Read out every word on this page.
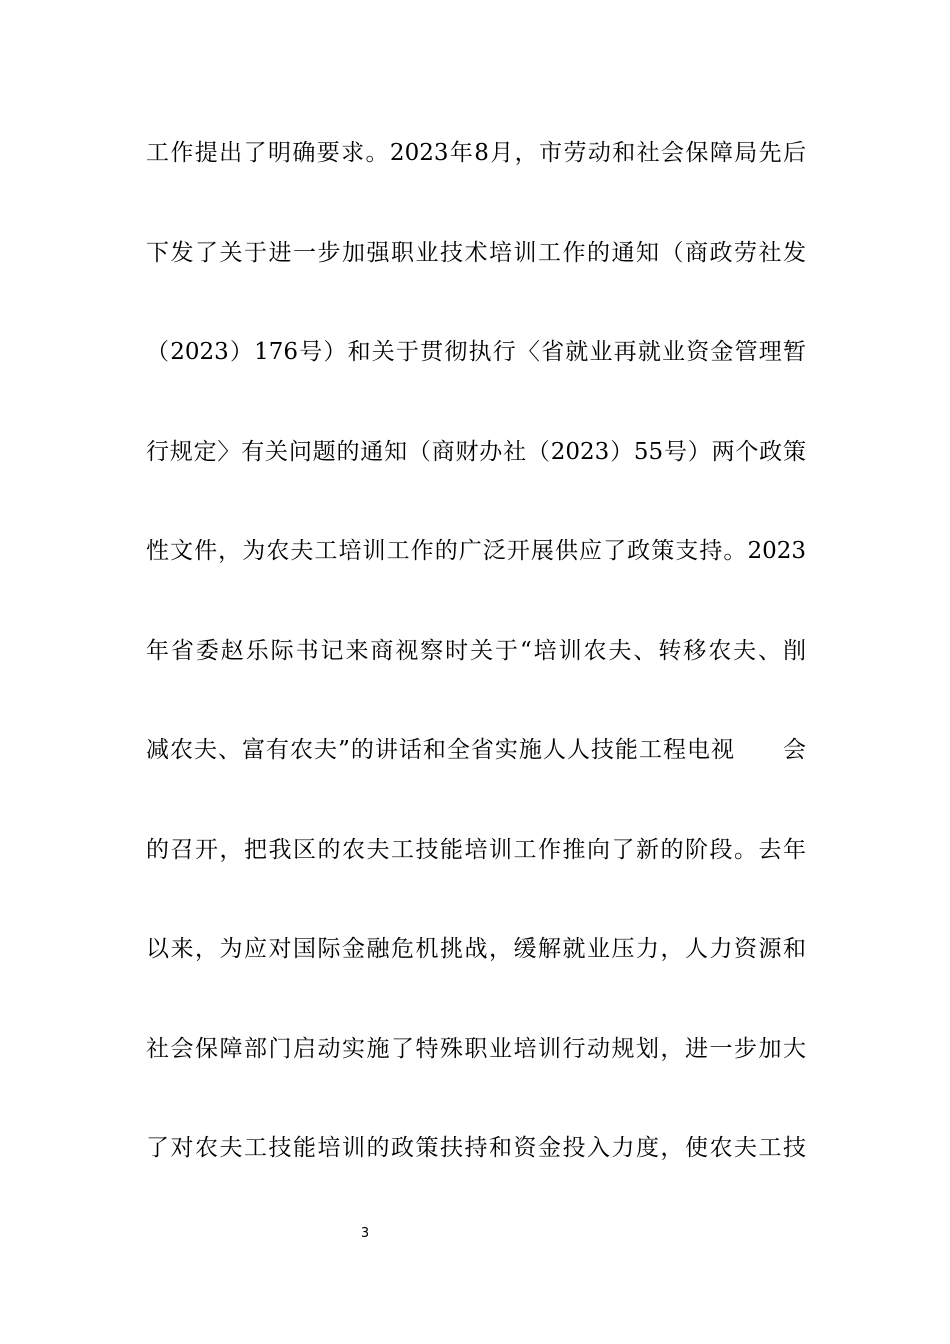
工作提出了明确要求。2023年8月，市劳动和社会保障局先后
下发了关于进一步加强职业技术培训工作的通知（商政劳社发
（2023）176号）和关于贯彻执行〈省就业再就业资金管理暂
行规定〉有关问题的通知（商财办社（2023）55号）两个政策
性文件，为农夫工培训工作的广泛开展供应了政策支持。2023
年省委赵乐际书记来商视察时关于“培训农夫、转移农夫、削
减农夫、富有农夫”的讲话和全省实施人人技能工程电视　　会
的召开，把我区的农夫工技能培训工作推向了新的阶段。去年
以来，为应对国际金融危机挑战，缓解就业压力，人力资源和
社会保障部门启动实施了特殊职业培训行动规划，进一步加大
了对农夫工技能培训的政策扶持和资金投入力度，使农夫工技
3
